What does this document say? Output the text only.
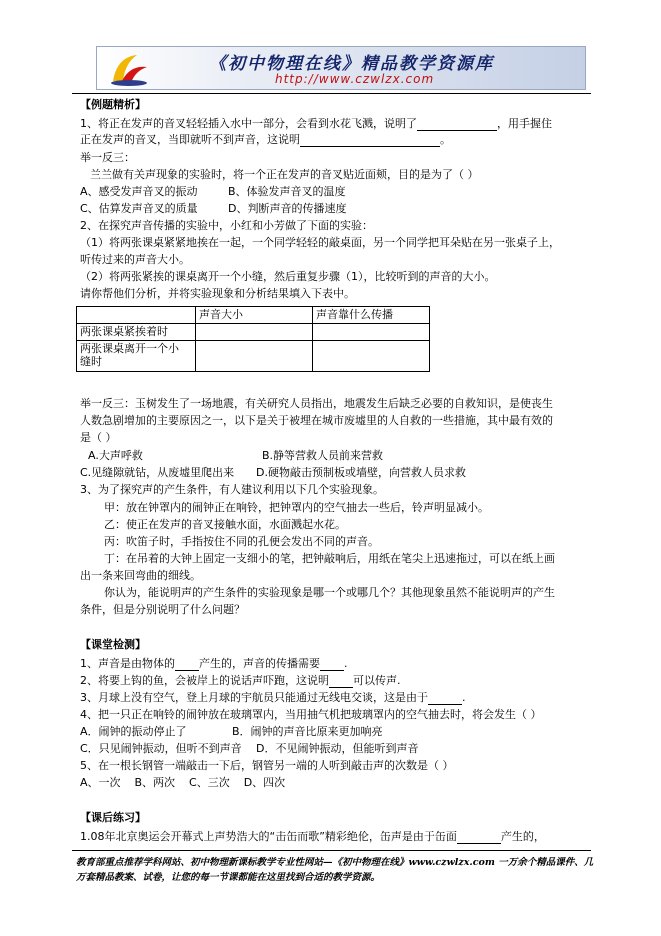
《初中物理在线》精品教学资源库
http://www.czwlzx.com
【例题精析】
1、将正在发声的音叉轻轻插入水中一部分，会看到水花飞溅，说明了	，用手握住
正在发声的音叉，当即就听不到声音，这说明	。
举一反三：
兰兰做有关声现象的实验时，将一个正在发声的音叉贴近面颊，目的是为了（ ）
A、感受发声音叉的振动	B、体验发声音叉的温度
C、估算发声音叉的质量	D、判断声音的传播速度
2、在探究声音传播的实验中，小红和小芳做了下面的实验：
（1）将两张课桌紧紧地挨在一起，一个同学轻轻的敲桌面，另一个同学把耳朵贴在另一张桌子上，
听传过来的声音大小。
（2）将两张紧挨的课桌离开一个小缝，然后重复步骤（1），比较听到的声音的大小。
请你帮他们分析，并将实验现象和分析结果填入下表中。
	声音大小	声音靠什么传播
两张课桌紧挨着时		
两张课桌离开一个小
缝时		
举一反三：玉树发生了一场地震，有关研究人员指出，地震发生后缺乏必要的自救知识，是使丧生
人数急剧增加的主要原因之一，以下是关于被埋在城市废墟里的人自救的一些措施，其中最有效的
是（ ）
A.大声呼救	B.静等营救人员前来营救
C.见缝隙就钻，从废墟里爬出来 D.硬物敲击预制板或墙壁，向营救人员求救
3、为了探究声的产生条件，有人建议利用以下几个实验现象。
甲：放在钟罩内的闹钟正在响铃，把钟罩内的空气抽去一些后，铃声明显减小。
乙：使正在发声的音叉接触水面，水面溅起水花。
丙：吹笛子时，手指按住不同的孔便会发出不同的声音。
丁：在吊着的大钟上固定一支细小的笔，把钟敲响后，用纸在笔尖上迅速拖过，可以在纸上画
出一条来回弯曲的细线。
你认为，能说明声的产生条件的实验现象是哪一个或哪几个？其他现象虽然不能说明声的产生
条件，但是分别说明了什么问题？
【课堂检测】
1、声音是由物体的 产生的，声音的传播需要 .
2、将要上钩的鱼，会被岸上的说话声吓跑，这说明 可以传声.
3、月球上没有空气，登上月球的宇航员只能通过无线电交谈，这是由于	.
4、把一只正在响铃的闹钟放在玻璃罩内，当用抽气机把玻璃罩内的空气抽去时，将会发生（ ）
A．闹钟的振动停止了	B．闹钟的声音比原来更加响亮
C．只见闹钟振动，但听不到声音 D．不见闹钟振动，但能听到声音
5、在一根长钢管一端敲击一下后，钢管另一端的人听到敲击声的次数是（ ）
A、一次    B、两次    C、三次    D、四次
【课后练习】
1.08年北京奥运会开幕式上声势浩大的“击缶而歌”精彩绝伦，缶声是由于缶面	产生的，
教育部重点推荐学科网站、初中物理新课标教学专业性网站—《初中物理在线》www.czwlzx.com 一万余个精品课件、几万套精品教案、试卷，让您的每一节课都能在这里找到合适的教学资源。
